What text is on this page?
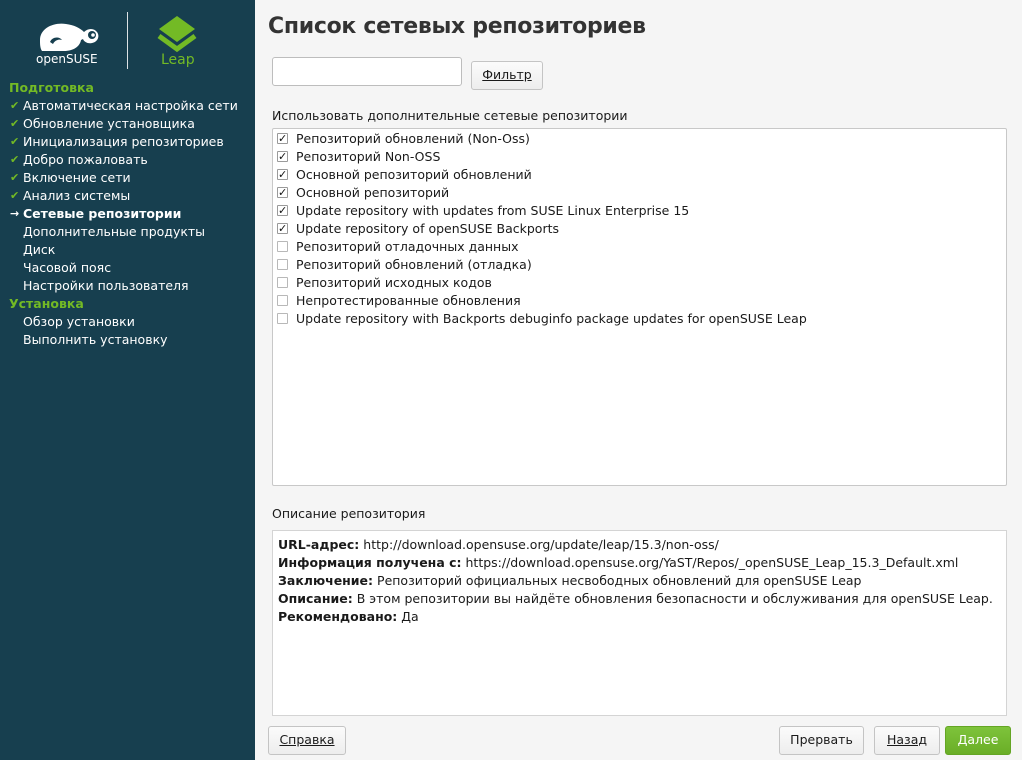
openSUSE	Leap
Подготовка
✔ Автоматическая настройка сети
✔ Обновление установщика
✔ Инициализация репозиториев
✔ Добро пожаловать
✔ Включение сети
✔ Анализ системы
→ Сетевые репозитории
Дополнительные продукты
Диск
Часовой пояс
Настройки пользователя
Установка
Обзор установки
Выполнить установку
Список сетевых репозиториев
Фильтр
Использовать дополнительные сетевые репозитории
✓ Репозиторий обновлений (Non-Oss)
✓ Репозиторий Non-OSS
✓ Основной репозиторий обновлений
✓ Основной репозиторий
✓ Update repository with updates from SUSE Linux Enterprise 15
✓ Update repository of openSUSE Backports
Репозиторий отладочных данных
Репозиторий обновлений (отладка)
Репозиторий исходных кодов
Непротестированные обновления
Update repository with Backports debuginfo package updates for openSUSE Leap
Описание репозитория
URL-адрес: http://download.opensuse.org/update/leap/15.3/non-oss/
Информация получена с: https://download.opensuse.org/YaST/Repos/_openSUSE_Leap_15.3_Default.xml
Заключение: Репозиторий официальных несвободных обновлений для openSUSE Leap
Описание: В этом репозитории вы найдёте обновления безопасности и обслуживания для openSUSE Leap.
Рекомендовано: Да
Справка	Прервать	Назад	Далее
